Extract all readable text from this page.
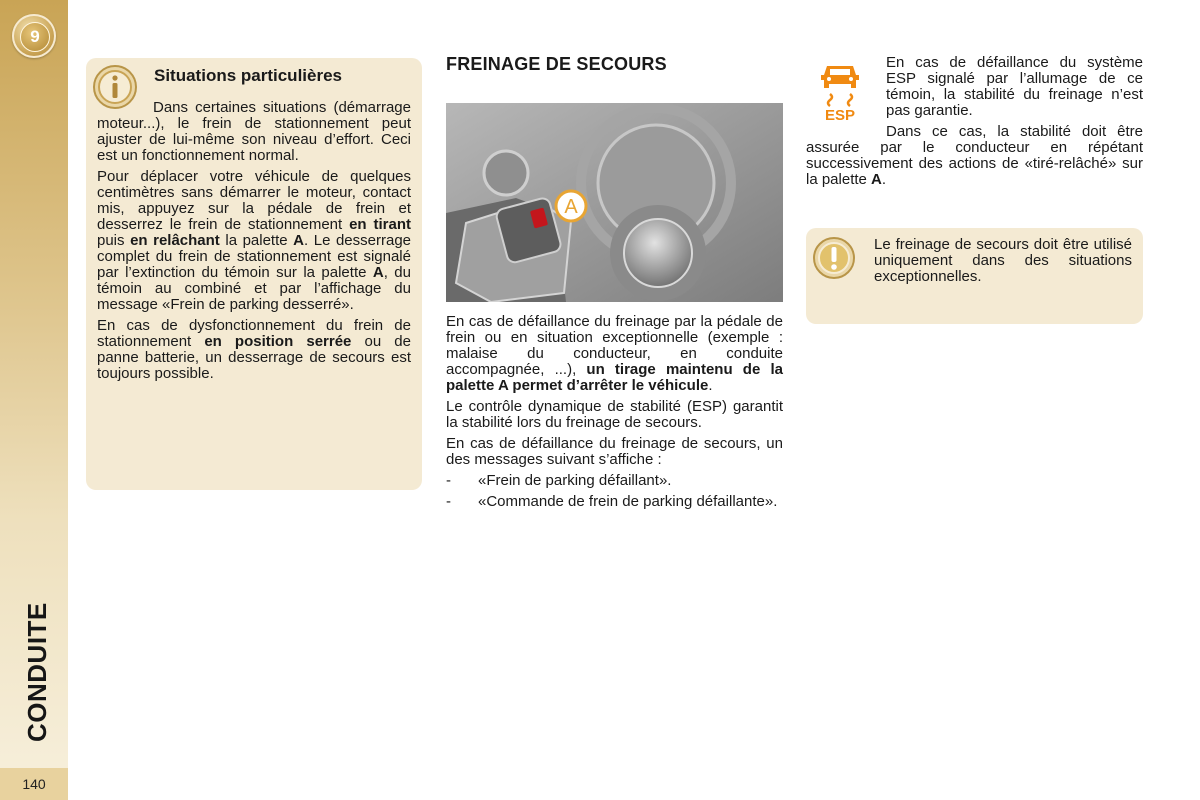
9
CONDUITE
140
Situations particulières

Dans certaines situations (démarrage moteur...), le frein de stationnement peut ajuster de lui-même son niveau d’effort. Ceci est un fonctionnement normal.

Pour déplacer votre véhicule de quelques centimètres sans démarrer le moteur, contact mis, appuyez sur la pédale de frein et desserrez le frein de stationnement en tirant puis en relâchant la palette A. Le desserrage complet du frein de stationnement est signalé par l’extinction du témoin sur la palette A, du témoin au combiné et par l’affichage du message «Frein de parking desserré».

En cas de dysfonctionnement du frein de stationnement en position serrée ou de panne batterie, un desserrage de secours est toujours possible.

FREINAGE DE SECOURS
A

En cas de défaillance du freinage par la pédale de frein ou en situation exceptionnelle (exemple : malaise du conducteur, en conduite accompagnée, ...), un tirage maintenu de la palette A permet d’arrêter le véhicule.

Le contrôle dynamique de stabilité (ESP) garantit la stabilité lors du freinage de secours.

En cas de défaillance du freinage de secours, un des messages suivant s’affiche :

-	«Frein de parking défaillant».

-	«Commande de frein de parking défaillante».

ESP

En cas de défaillance du système ESP signalé par l’allumage de ce témoin, la stabilité du freinage n’est pas garantie.

Dans ce cas, la stabilité doit être assurée par le conducteur en répétant successivement des actions de «tiré-relâché» sur la palette A.

Le freinage de secours doit être utilisé uniquement dans des situations exceptionnelles.
